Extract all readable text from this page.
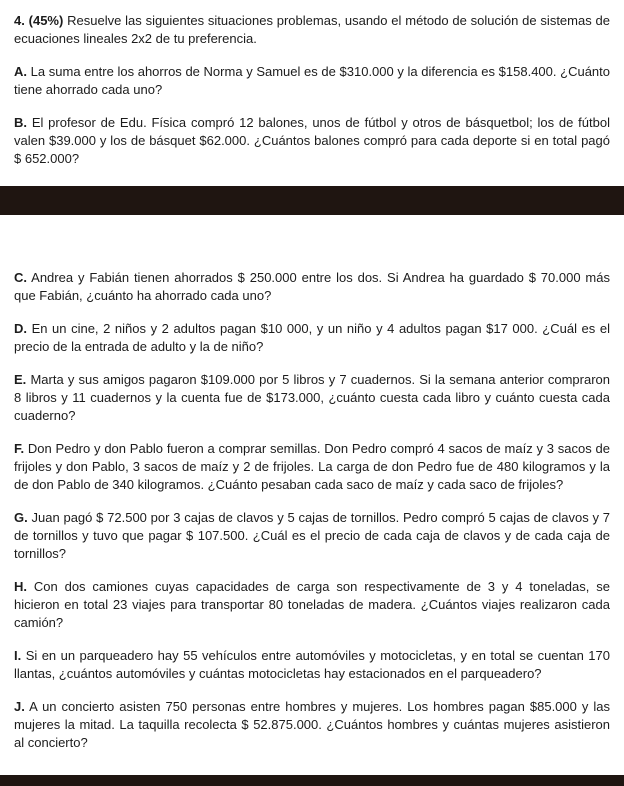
4. (45%) Resuelve las siguientes situaciones problemas, usando el método de solución de sistemas de ecuaciones lineales 2x2 de tu preferencia.

A. La suma entre los ahorros de Norma y Samuel es de $310.000 y la diferencia es $158.400. ¿Cuánto tiene ahorrado cada uno?

B. El profesor de Edu. Física compró 12 balones, unos de fútbol y otros de básquetbol; los de fútbol valen $39.000 y los de básquet $62.000. ¿Cuántos balones compró para cada deporte si en total pagó $ 652.000?

C. Andrea y Fabián tienen ahorrados $ 250.000 entre los dos. Si Andrea ha guardado $ 70.000 más que Fabián, ¿cuánto ha ahorrado cada uno?

D. En un cine, 2 niños y 2 adultos pagan $10 000, y un niño y 4 adultos pagan $17 000. ¿Cuál es el precio de la entrada de adulto y la de niño?

E. Marta y sus amigos pagaron $109.000 por 5 libros y 7 cuadernos. Si la semana anterior compraron 8 libros y 11 cuadernos y la cuenta fue de $173.000, ¿cuánto cuesta cada libro y cuánto cuesta cada cuaderno?

F. Don Pedro y don Pablo fueron a comprar semillas. Don Pedro compró 4 sacos de maíz y 3 sacos de frijoles y don Pablo, 3 sacos de maíz y 2 de frijoles. La carga de don Pedro fue de 480 kilogramos y la de don Pablo de 340 kilogramos. ¿Cuánto pesaban cada saco de maíz y cada saco de frijoles?

G. Juan pagó $ 72.500 por 3 cajas de clavos y 5 cajas de tornillos. Pedro compró 5 cajas de clavos y 7 de tornillos y tuvo que pagar $ 107.500. ¿Cuál es el precio de cada caja de clavos y de cada caja de tornillos?

H. Con dos camiones cuyas capacidades de carga son respectivamente de 3 y 4 toneladas, se hicieron en total 23 viajes para transportar 80 toneladas de madera. ¿Cuántos viajes realizaron cada camión?

I. Si en un parqueadero hay 55 vehículos entre automóviles y motocicletas, y en total se cuentan 170 llantas, ¿cuántos automóviles y cuántas motocicletas hay estacionados en el parqueadero?

J. A un concierto asisten 750 personas entre hombres y mujeres. Los hombres pagan $85.000 y las mujeres la mitad. La taquilla recolecta $ 52.875.000. ¿Cuántos hombres y cuántas mujeres asistieron al concierto?
